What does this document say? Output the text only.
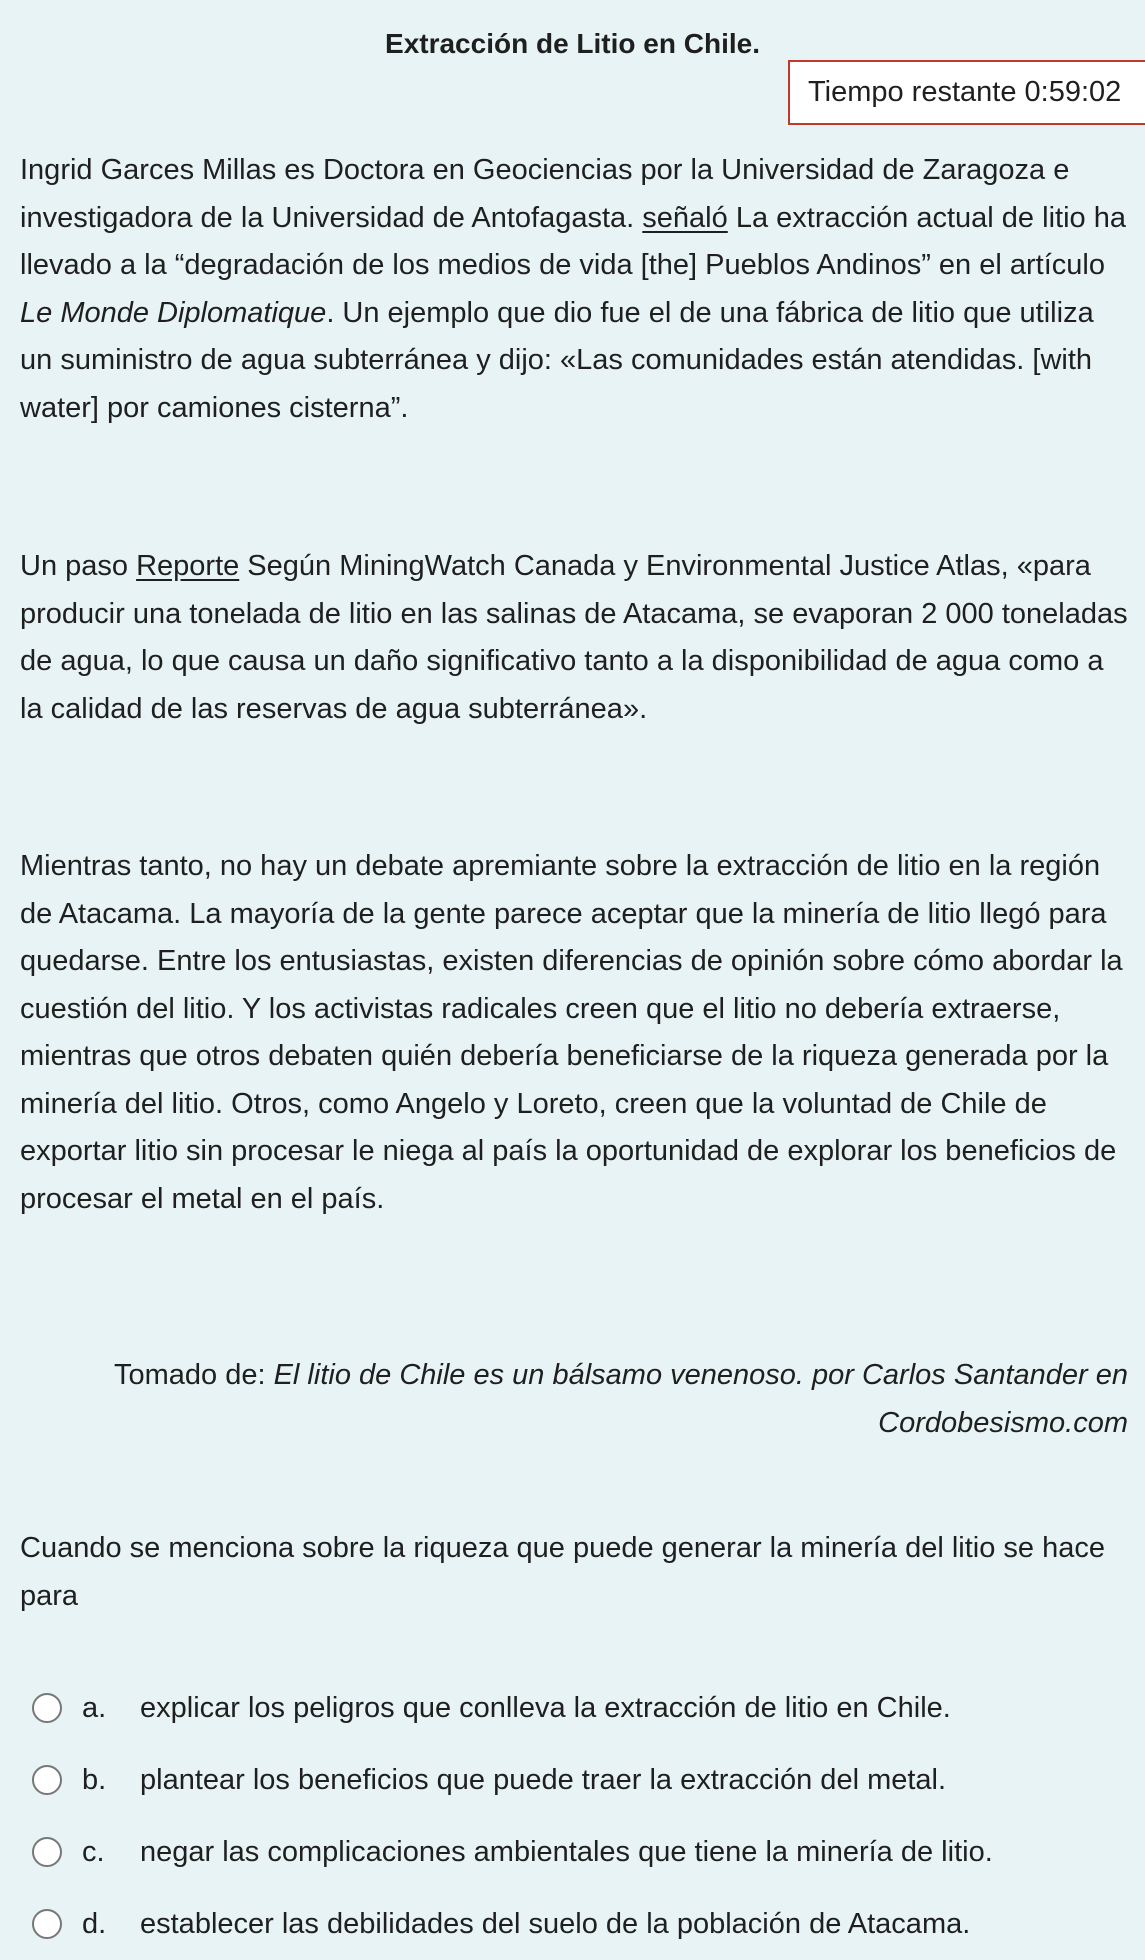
Extracción de Litio en Chile.
Tiempo restante 0:59:02
Ingrid Garces Millas es Doctora en Geociencias por la Universidad de Zaragoza e investigadora de la Universidad de Antofagasta. señaló La extracción actual de litio ha llevado a la “degradación de los medios de vida [the] Pueblos Andinos” en el artículo Le Monde Diplomatique. Un ejemplo que dio fue el de una fábrica de litio que utiliza un suministro de agua subterránea y dijo: «Las comunidades están atendidas. [with water] por camiones cisterna”.
Un paso Reporte Según MiningWatch Canada y Environmental Justice Atlas, «para producir una tonelada de litio en las salinas de Atacama, se evaporan 2 000 toneladas de agua, lo que causa un daño significativo tanto a la disponibilidad de agua como a la calidad de las reservas de agua subterránea».
Mientras tanto, no hay un debate apremiante sobre la extracción de litio en la región de Atacama. La mayoría de la gente parece aceptar que la minería de litio llegó para quedarse. Entre los entusiastas, existen diferencias de opinión sobre cómo abordar la cuestión del litio. Y los activistas radicales creen que el litio no debería extraerse, mientras que otros debaten quién debería beneficiarse de la riqueza generada por la minería del litio. Otros, como Angelo y Loreto, creen que la voluntad de Chile de exportar litio sin procesar le niega al país la oportunidad de explorar los beneficios de procesar el metal en el país.
Tomado de: El litio de Chile es un bálsamo venenoso. por Carlos Santander en Cordobesismo.com
Cuando se menciona sobre la riqueza que puede generar la minería del litio se hace para
a.	explicar los peligros que conlleva la extracción de litio en Chile.
b.	plantear los beneficios que puede traer la extracción del metal.
c.	negar las complicaciones ambientales que tiene la minería de litio.
d.	establecer las debilidades del suelo de la población de Atacama.
